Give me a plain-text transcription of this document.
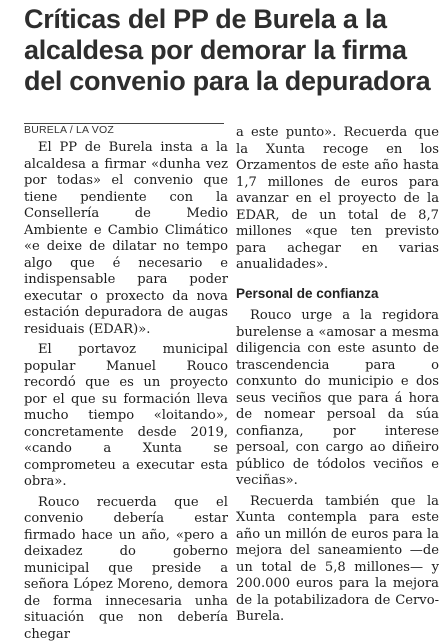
Críticas del PP de Burela a la alcaldesa por demorar la firma del convenio para la depuradora
BURELA / LA VOZ

El PP de Burela insta a la alcaldesa a firmar «dunha vez por todas» el convenio que tiene pendiente con la Consellería de Medio Ambiente e Cambio Climático «e deixe de dilatar no tempo algo que é necesario e indispensable para poder executar o proxecto da nova estación depuradora de augas residuais (EDAR)».

El portavoz municipal popular Manuel Rouco recordó que es un proyecto por el que su formación lleva mucho tiempo «loitando», concretamente desde 2019, «cando a Xunta se comprometeu a executar esta obra».

Rouco recuerda que el convenio debería estar firmado hace un año, «pero a deixadez do goberno municipal que preside a señora López Moreno, demora de forma innecesaria unha situación que non debería chegar

a este punto». Recuerda que la Xunta recoge en los Orzamentos de este año hasta 1,7 millones de euros para avanzar en el proyecto de la EDAR, de un total de 8,7 millones «que ten previsto para achegar en varias anualidades».

Personal de confianza

Rouco urge a la regidora burelense a «amosar a mesma diligencia con este asunto de trascendencia para o conxunto do municipio e dos seus veciños que para á hora de nomear persoal da súa confianza, por interese persoal, con cargo ao diñeiro público de tódolos veciños e veciñas».

Recuerda también que la Xunta contempla para este año un millón de euros para la mejora del saneamiento —de un total de 5,8 millones— y 200.000 euros para la mejora de la potabilizadora de Cervo-Burela.
